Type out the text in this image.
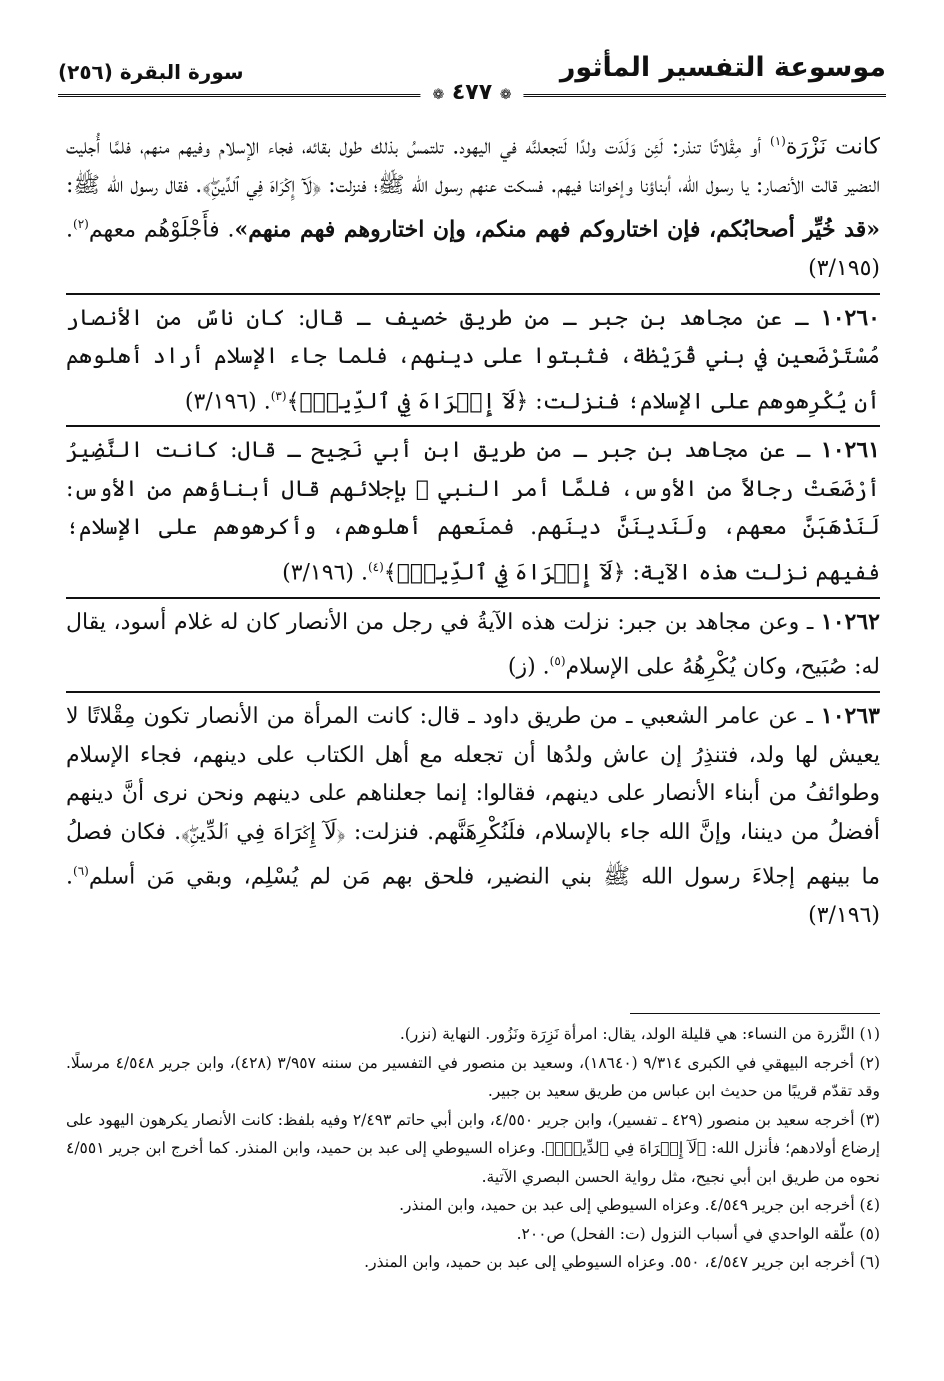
موسوعة التفسير المأثور
سورة البقرة (٢٥٦)
❁ ٤٧٧ ❁

كانت نَزْرَة$^{(١)}$ أو مِقْلاتًا تنذر: لَئِن وَلَدَت ولدًا لَتجعلنَّه في اليهود. تلتمسُ بذلك طول بقائه، فجاء الإسلام وفيهم منهم، فلمَّا أُجليت النضير قالت الأنصار: يا رسول الله، أبناؤنا وإخواننا فيهم. فسكت عنهم رسول الله ﷺ؛ فنزلت: ﴿لَآ إِكۡرَاهَ فِي ٱلدِّينِۖ﴾. فقال رسول الله ﷺ: «قد خُيِّر أصحابُكم، فإن اختاروكم فهم منكم، وإن اختاروهم فهم منهم». فأَجْلَوْهُم معهم$^{(٢)}$. (٣/١٩٥)

١٠٢٦٠ ـ عن مجاهد بن جبر ـ من طريق خصيف ـ قال: كان ناسٌ من الأنصار مُسْتَرْضَعين في بني قُرَيْظة، فثبتوا على دينهم، فلما جاء الإسلام أراد أهلوهم أن يُكْرِهوهم على الإسلام؛ فنزلت: ﴿لَآ إِكۡرَاهَ فِي ٱلدِّينِۖ﴾$^{(٣)}$. (٣/١٩٦)

١٠٢٦١ ـ عن مجاهد بن جبر ـ من طريق ابن أبي نَجِيح ـ قال: كانت النَّضِيرُ أرْضَعَتْ رجالاً من الأوس، فلمَّا أمر النبي ﷺ بإجلائهم قال أبناؤهم من الأوس: لَنَذْهَبَنَّ معهم، ولَنَدينَنَّ دينَهم. فمنَعهم أهلوهم، وأكرهوهم على الإسلام؛ ففيهم نزلت هذه الآية: ﴿لَآ إِكۡرَاهَ فِي ٱلدِّينِۖ﴾$^{(٤)}$. (٣/١٩٦)

١٠٢٦٢ ـ وعن مجاهد بن جبر: نزلت هذه الآيةُ في رجل من الأنصار كان له غلام أسود، يقال له: صُبَيح، وكان يُكْرِهُهُ على الإسلام$^{(٥)}$. (ز)

١٠٢٦٣ ـ عن عامر الشعبي ـ من طريق داود ـ قال: كانت المرأة من الأنصار تكون مِقْلاتًا لا يعيش لها ولد، فتنذِرُ إن عاش ولدُها أن تجعله مع أهل الكتاب على دينهم، فجاء الإسلام وطوائفُ من أبناء الأنصار على دينهم، فقالوا: إنما جعلناهم على دينهم ونحن نرى أنَّ دينهم أفضلُ من ديننا، وإنَّ الله جاء بالإسلام، فلَنُكْرِهَنَّهم. فنزلت: ﴿لَآ إِكۡرَاهَ فِي ٱلدِّينِۖ﴾. فكان فصلُ ما بينهم إجلاءَ رسول الله ﷺ بني النضير، فلحق بهم مَن لم يُسْلِم، وبقي مَن أسلم$^{(٦)}$. (٣/١٩٦)

(١) النَّزرة من النساء: هي قليلة الولد، يقال: امرأة نَزِرَة ونَزُور. النهاية (نزر).

(٢) أخرجه البيهقي في الكبرى ٩/٣١٤ (١٨٦٤٠)، وسعيد بن منصور في التفسير من سننه ٣/٩٥٧ (٤٢٨)، وابن جرير ٤/٥٤٨ مرسلًا. وقد تقدّم قريبًا من حديث ابن عباس من طريق سعيد بن جبير.

(٣) أخرجه سعيد بن منصور (٤٢٩ ـ تفسير)، وابن جرير ٤/٥٥٠، وابن أبي حاتم ٢/٤٩٣ وفيه بلفظ: كانت الأنصار يكرهون اليهود على إرضاع أولادهم؛ فأنزل الله: ﴿لَآ إِكۡرَاهَ فِي ٱلدِّينِۖ﴾. وعزاه السيوطي إلى عبد بن حميد، وابن المنذر. كما أخرج ابن جرير ٤/٥٥١ نحوه من طريق ابن أبي نجيح، مثل رواية الحسن البصري الآتية.

(٤) أخرجه ابن جرير ٤/٥٤٩. وعزاه السيوطي إلى عبد بن حميد، وابن المنذر.

(٥) علّقه الواحدي في أسباب النزول (ت: الفحل) ص٢٠٠.

(٦) أخرجه ابن جرير ٤/٥٤٧، ٥٥٠. وعزاه السيوطي إلى عبد بن حميد، وابن المنذر.
